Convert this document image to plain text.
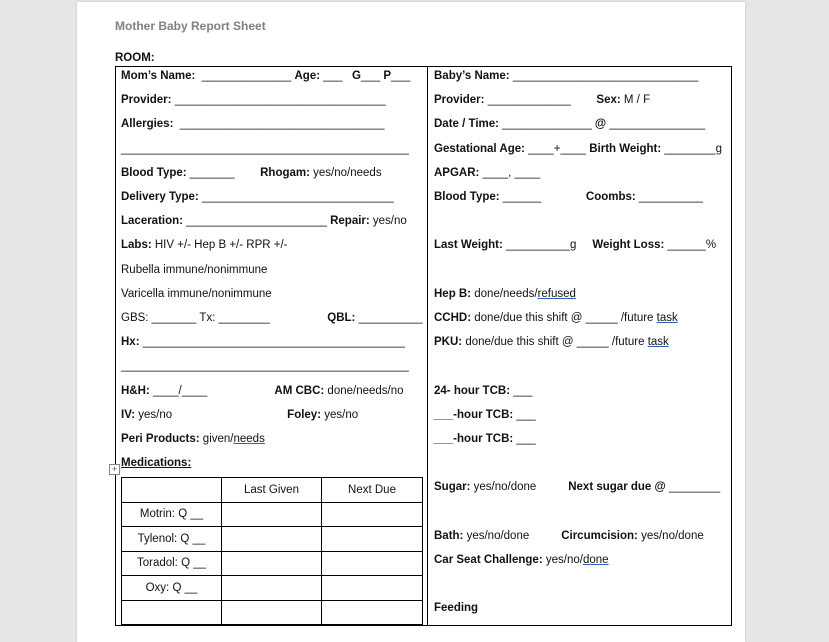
Mother Baby Report Sheet
ROOM:
Mom’s Name:  ______________ Age: ___   G___ P___
Provider: _________________________________
Allergies:  ________________________________
_____________________________________________
Blood Type: _______        Rhogam: yes/no/needs
Delivery Type: ______________________________
Laceration: ______________________ Repair: yes/no
Labs: HIV +/- Hep B +/- RPR +/-
Rubella immune/nonimmune
Varicella immune/nonimmune
GBS: _______ Tx: ________                  QBL: __________
Hx: _________________________________________
_____________________________________________
H&H: ____/____                     AM CBC: done/needs/no
IV: yes/no                                    Foley: yes/no
Peri Products: given/needs
Medications:
Baby’s Name: _____________________________
Provider: _____________        Sex: M / F
Date / Time: ______________ @ _______________
Gestational Age: ____+____ Birth Weight: ________g
APGAR: ____, ____
Blood Type: ______              Coombs: __________
Last Weight: __________g     Weight Loss: ______%
Hep B: done/needs/refused
CCHD: done/due this shift @ _____ /future task
PKU: done/due this shift @ _____ /future task
24- hour TCB: ___
___-hour TCB: ___
___-hour TCB: ___
Sugar: yes/no/done          Next sugar due @ ________
Bath: yes/no/done          Circumcision: yes/no/done
Car Seat Challenge: yes/no/done
Feeding
+
	Last Given	Next Due
Motrin: Q __		
Tylenol: Q __		
Toradol: Q __		
Oxy: Q __		
